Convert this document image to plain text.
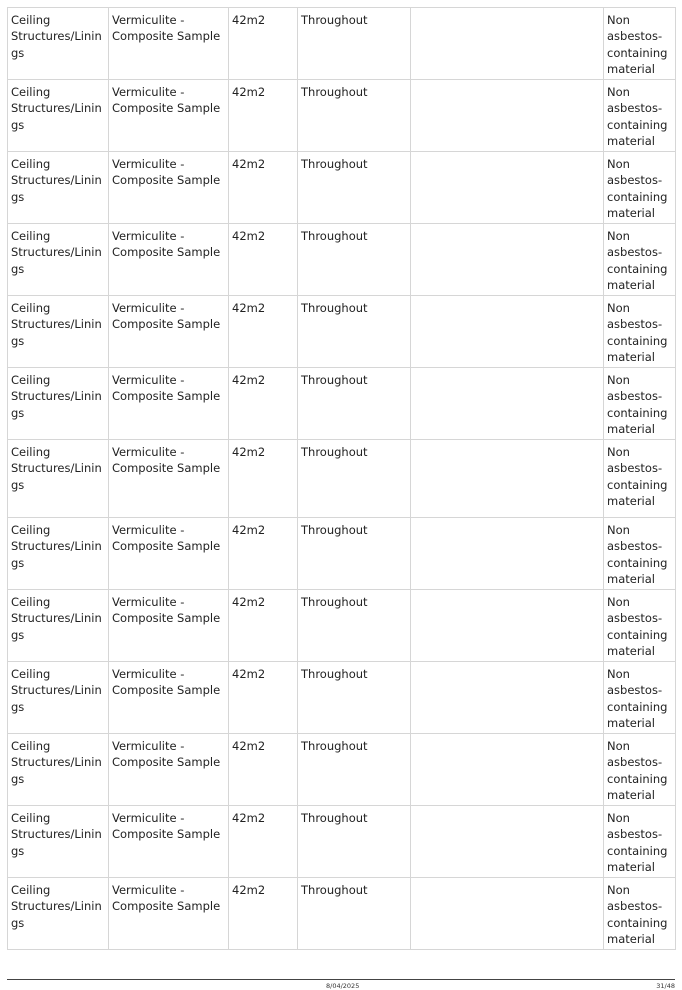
Ceiling Structures/Linings	Vermiculite - Composite Sample	42m2	Throughout		Non asbestos-containing material
Ceiling Structures/Linings	Vermiculite - Composite Sample	42m2	Throughout		Non asbestos-containing material
Ceiling Structures/Linings	Vermiculite - Composite Sample	42m2	Throughout		Non asbestos-containing material
Ceiling Structures/Linings	Vermiculite - Composite Sample	42m2	Throughout		Non asbestos-containing material
Ceiling Structures/Linings	Vermiculite - Composite Sample	42m2	Throughout		Non asbestos-containing material
Ceiling Structures/Linings	Vermiculite - Composite Sample	42m2	Throughout		Non asbestos-containing material
Ceiling Structures/Linings	Vermiculite - Composite Sample	42m2	Throughout		Non asbestos-containing material
Ceiling Structures/Linings	Vermiculite - Composite Sample	42m2	Throughout		Non asbestos-containing material
Ceiling Structures/Linings	Vermiculite - Composite Sample	42m2	Throughout		Non asbestos-containing material
Ceiling Structures/Linings	Vermiculite - Composite Sample	42m2	Throughout		Non asbestos-containing material
Ceiling Structures/Linings	Vermiculite - Composite Sample	42m2	Throughout		Non asbestos-containing material
Ceiling Structures/Linings	Vermiculite - Composite Sample	42m2	Throughout		Non asbestos-containing material
Ceiling Structures/Linings	Vermiculite - Composite Sample	42m2	Throughout		Non asbestos-containing material
8/04/2025	31/48
